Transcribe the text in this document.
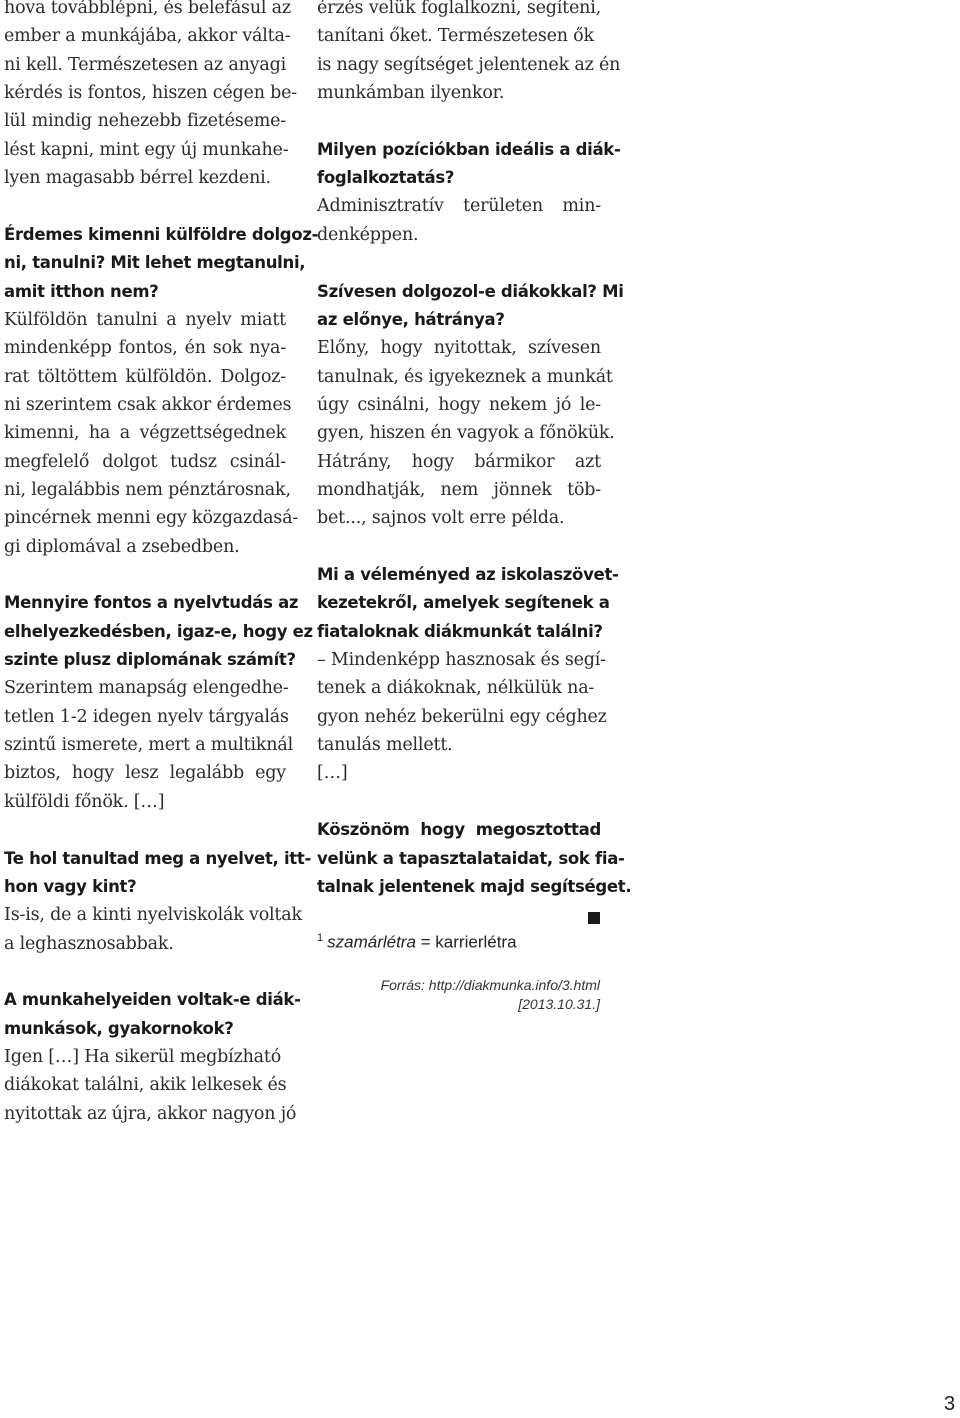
hova továbblépni, és belefásul az
ember a munkájába, akkor válta-
ni kell. Természetesen az anyagi
kérdés is fontos, hiszen cégen be-
lül mindig nehezebb fizetéseme-
lést kapni, mint egy új munkahe-
lyen magasabb bérrel kezdeni.
Érdemes kimenni külföldre dolgoz-
ni, tanulni? Mit lehet megtanulni,
amit itthon nem?
Külföldön tanulni a nyelv miatt
mindenképp fontos, én sok nya-
rat töltöttem külföldön. Dolgoz-
ni szerintem csak akkor érdemes
kimenni, ha a végzettségednek
megfelelő dolgot tudsz csinál-
ni, legalábbis nem pénztárosnak,
pincérnek menni egy közgazdasá-
gi diplomával a zsebedben.
Mennyire fontos a nyelvtudás az
elhelyezkedésben, igaz-e, hogy ez
szinte plusz diplomának számít?
Szerintem manapság elengedhe-
tetlen 1-2 idegen nyelv tárgyalás
szintű ismerete, mert a multiknál
biztos, hogy lesz legalább egy
külföldi főnök. […]
Te hol tanultad meg a nyelvet, itt-
hon vagy kint?
Is-is, de a kinti nyelviskolák voltak
a leghasznosabbak.
A munkahelyeiden voltak-e diák-
munkások, gyakornokok?
Igen […] Ha sikerül megbízható
diákokat találni, akik lelkesek és
nyitottak az újra, akkor nagyon jó
érzés velük foglalkozni, segíteni,
tanítani őket. Természetesen ők
is nagy segítséget jelentenek az én
munkámban ilyenkor.
Milyen pozíciókban ideális a diák-
foglalkoztatás?
Adminisztratív területen min-
denképpen.
Szívesen dolgozol-e diákokkal? Mi
az előnye, hátránya?
Előny, hogy nyitottak, szívesen
tanulnak, és igyekeznek a munkát
úgy csinálni, hogy nekem jó le-
gyen, hiszen én vagyok a főnökük.
Hátrány, hogy bármikor azt
mondhatják, nem jönnek töb-
bet..., sajnos volt erre példa.
Mi a véleményed az iskolaszövet-
kezetekről, amelyek segítenek a
fiataloknak diákmunkát találni?
– Mindenképp hasznosak és segí-
tenek a diákoknak, nélkülük na-
gyon nehéz bekerülni egy céghez
tanulás mellett.
[…]
Köszönöm hogy megosztottad
velünk a tapasztalataidat, sok fia-
talnak jelentenek majd segítséget.
$^1$ szamárlétra = karrierlétra
Forrás: http://diakmunka.info/3.html
[2013.10.31.]
3
